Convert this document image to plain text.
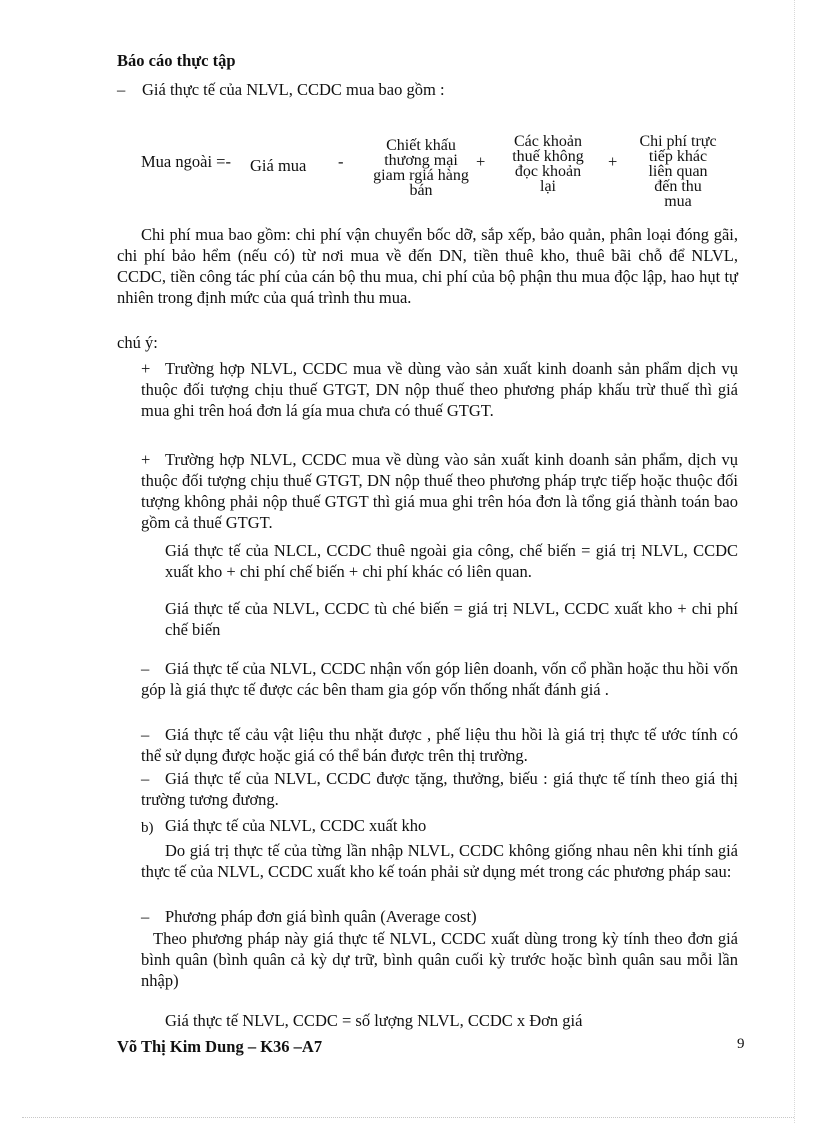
Báo cáo thực tập
– Giá thực tế của NLVL, CCDC mua bao gồm :
Mua ngoài =- Giá mua -
Chiết khấu
thương mại
giam rgiá hàng
bán
+
Các khoản
thuế không
đọc khoản
lại
+
Chi phí trực
tiếp khác
liên quan
đến thu
mua
Chi phí mua bao gồm: chi phí vận chuyển bốc dỡ, sắp xếp, bảo quản, phân loại đóng gãi, chi phí bảo hểm (nếu có) từ nơi mua về đến DN, tiền thuê kho, thuê bãi chỗ để NLVL, CCDC, tiền công tác phí của cán bộ thu mua, chi phí của bộ phận thu mua độc lập, hao hụt tự nhiên trong định mức của quá trình thu mua.
chú ý:
+ Trường hợp NLVL, CCDC mua về dùng vào sản xuất kinh doanh sản phẩm dịch vụ thuộc đối tượng chịu thuế GTGT, DN nộp thuế theo phương pháp khấu trừ thuế thì giá mua ghi trên hoá đơn lá gía mua chưa có thuế GTGT.
+ Trường hợp NLVL, CCDC mua về dùng vào sản xuất kinh doanh sản phẩm, dịch vụ thuộc đối tượng chịu thuế GTGT, DN nộp thuế theo phương pháp trực tiếp hoặc thuộc đối tượng không phải nộp thuế GTGT thì giá mua ghi trên hóa đơn là tổng giá thành toán bao gồm cả thuế GTGT.
Giá thực tế của NLCL, CCDC thuê ngoài gia công, chế biến = giá trị NLVL, CCDC xuất kho + chi phí chế biến + chi phí khác có liên quan.
Giá thực tế của NLVL, CCDC tù ché biến = giá trị NLVL, CCDC xuất kho + chi phí chế biến
– Giá thực tế của NLVL, CCDC nhận vốn góp liên doanh, vốn cổ phần hoặc thu hồi vốn góp là giá thực tế được các bên tham gia góp vốn thống nhất đánh giá .
– Giá thực tế cảu vật liệu thu nhặt được , phế liệu thu hồi là giá trị thực tế ước tính có thể sử dụng được hoặc giá có thể bán được trên thị trường.
– Giá thực tế của NLVL, CCDC được tặng, thưởng, biếu : giá thực tế tính theo giá thị trường tương đương.
b) Giá thực tế của NLVL, CCDC xuất kho
Do giá trị thực tế của từng lần nhập NLVL, CCDC không giống nhau nên khi tính giá thực tế của NLVL, CCDC xuất kho kế toán phải sử dụng mét trong các phương pháp sau:
– Phương pháp đơn giá bình quân (Average cost)
Theo phương pháp này giá thực tế NLVL, CCDC xuất dùng trong kỳ tính theo đơn giá bình quân (bình quân cả kỳ dự trữ, bình quân cuối kỳ trước hoặc bình quân sau mỗi lần nhập)
Giá thực tế NLVL, CCDC = số lượng NLVL, CCDC x Đơn giá
Võ Thị Kim Dung – K36 –A7	9
